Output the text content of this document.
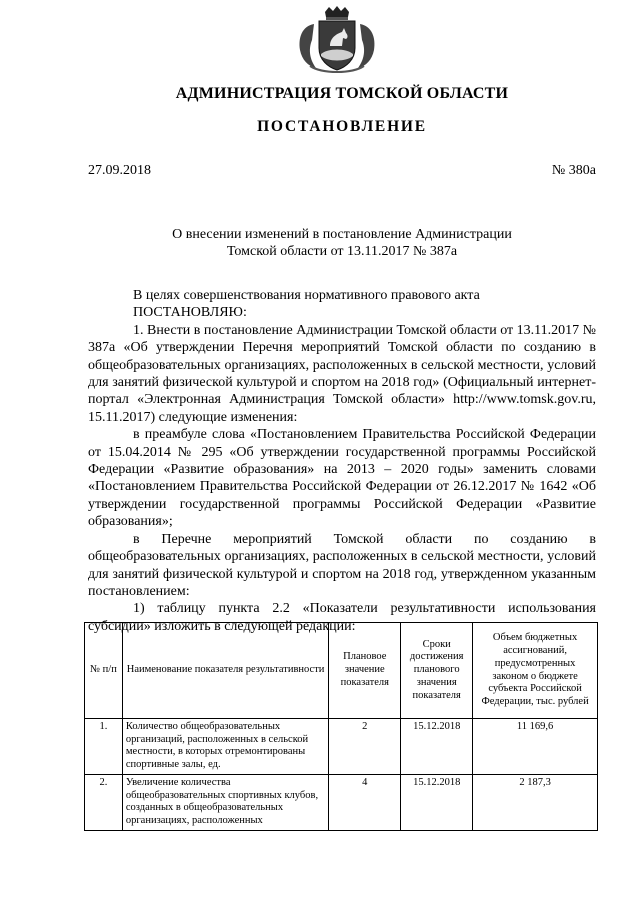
АДМИНИСТРАЦИЯ ТОМСКОЙ ОБЛАСТИ
ПОСТАНОВЛЕНИЕ
27.09.2018	№ 380а
О внесении изменений в постановление Администрации
Томской области от 13.11.2017 № 387а

В целях совершенствования нормативного правового акта

ПОСТАНОВЛЯЮ:

1. Внести в постановление Администрации Томской области от 13.11.2017 № 387а «Об утверждении Перечня мероприятий Томской области по созданию в общеобразовательных организациях, расположенных в сельской местности, условий для занятий физической культурой и спортом на 2018 год» (Официальный интернет-портал «Электронная Администрация Томской области» http://www.tomsk.gov.ru, 15.11.2017) следующие изменения:

в преамбуле слова «Постановлением Правительства Российской Федерации от 15.04.2014 № 295 «Об утверждении государственной программы Российской Федерации «Развитие образования» на 2013 – 2020 годы» заменить словами «Постановлением Правительства Российской Федерации от 26.12.2017 № 1642 «Об утверждении государственной программы Российской Федерации «Развитие образования»;

в Перечне мероприятий Томской области по созданию в общеобразовательных организациях, расположенных в сельской местности, условий для занятий физической культурой и спортом на 2018 год, утвержденном указанным постановлением:

1) таблицу пункта 2.2 «Показатели результативности использования субсидии» изложить в следующей редакции:

№ п/п	Наименование показателя результативности	Плановое значение показателя	Сроки достижения планового значения показателя	Объем бюджетных ассигнований, предусмотренных законом о бюджете субъекта Российской Федерации, тыс. рублей
1.	Количество общеобразовательных организаций, расположенных в сельской местности, в которых отремонтированы спортивные залы, ед.	2	15.12.2018	11 169,6
2.	Увеличение количества общеобразовательных спортивных клубов, созданных в общеобразовательных организациях, расположенных	4	15.12.2018	2 187,3
